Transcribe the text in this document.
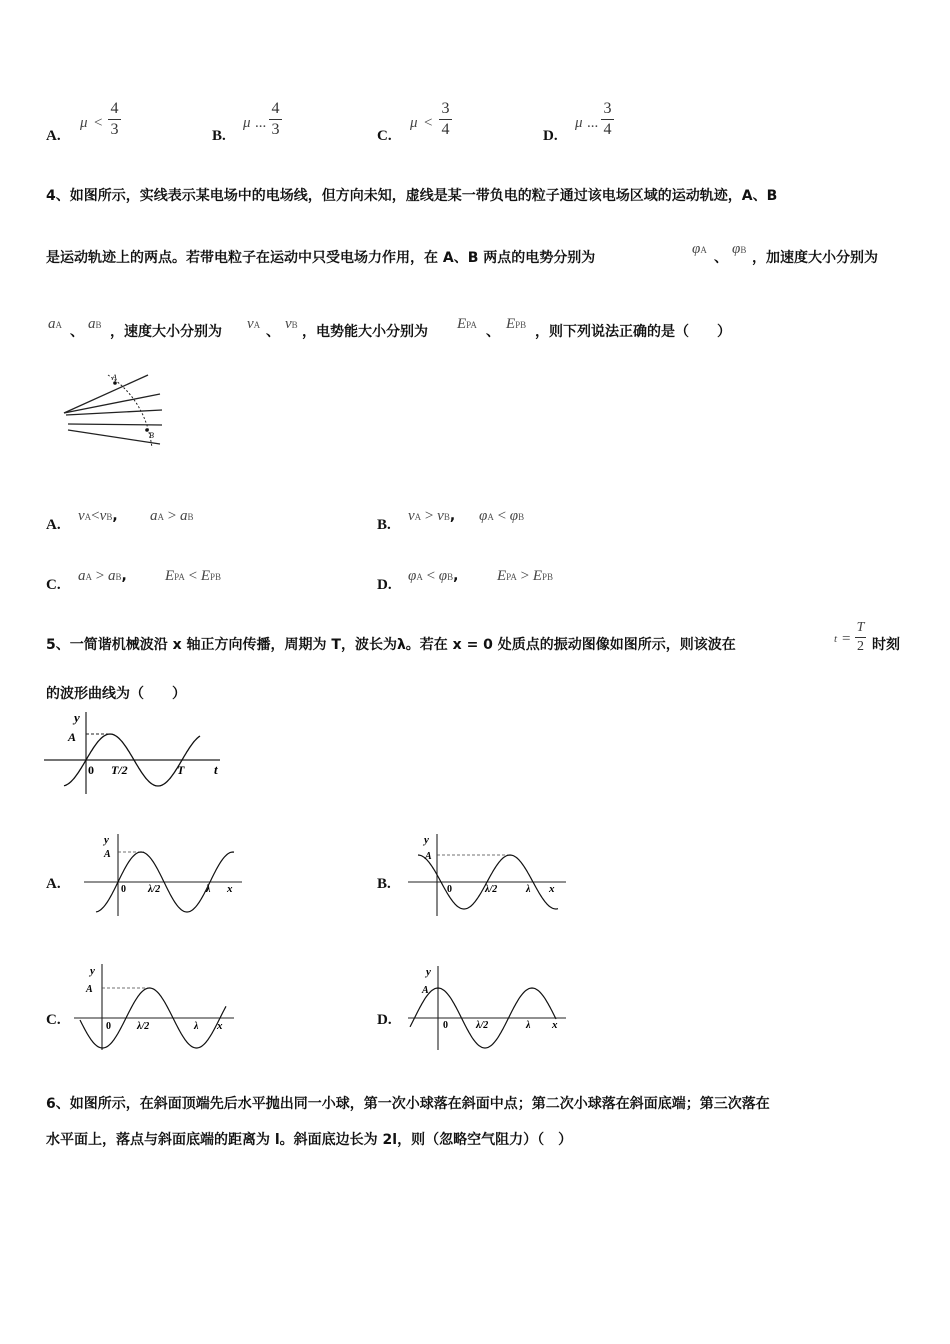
A.
μ <
4
3	B.
μ ...
4
3	C.
μ <
3
4	D.
μ ...
3
4
4、如图所示，实线表示某电场中的电场线，但方向未知，虚线是某一带负电的粒子通过该电场区域的运动轨迹，A、B
是运动轨迹上的两点。若带电粒子在运动中只受电场力作用，在 A、B 两点的电势分别为
φA 、
φB ，加速度大小分别为
aA 、 aB ，速度大小分别为 vA 、 vB ，电势能大小分别为 EPA 、 EPB ，则下列说法正确的是（　　）
A
B
A.
vA<vB, aA > aB	B.
vA > vB, φA < φB
C.
aA > aB,	EPA < EPB	D.
φA < φB,	EPA > EPB
5、一简谐机械波沿 x 轴正方向传播，周期为 T，波长为λ。若在 x = 0 处质点的振动图像如图所示，则该波在	t =
T
2 时刻
的波形曲线为（　　）
y
A
0 T/2	T t
A.
y
A
0 λ/2	λ x	B.
y
A
0	λ/2	λ x
C.
y
A
0	λ/2	λ x	D.
y
A
0	λ/2	λ x
6、如图所示，在斜面顶端先后水平抛出同一小球，第一次小球落在斜面中点；第二次小球落在斜面底端；第三次落在
水平面上，落点与斜面底端的距离为 l。斜面底边长为 2l，则（忽略空气阻力）（　）
